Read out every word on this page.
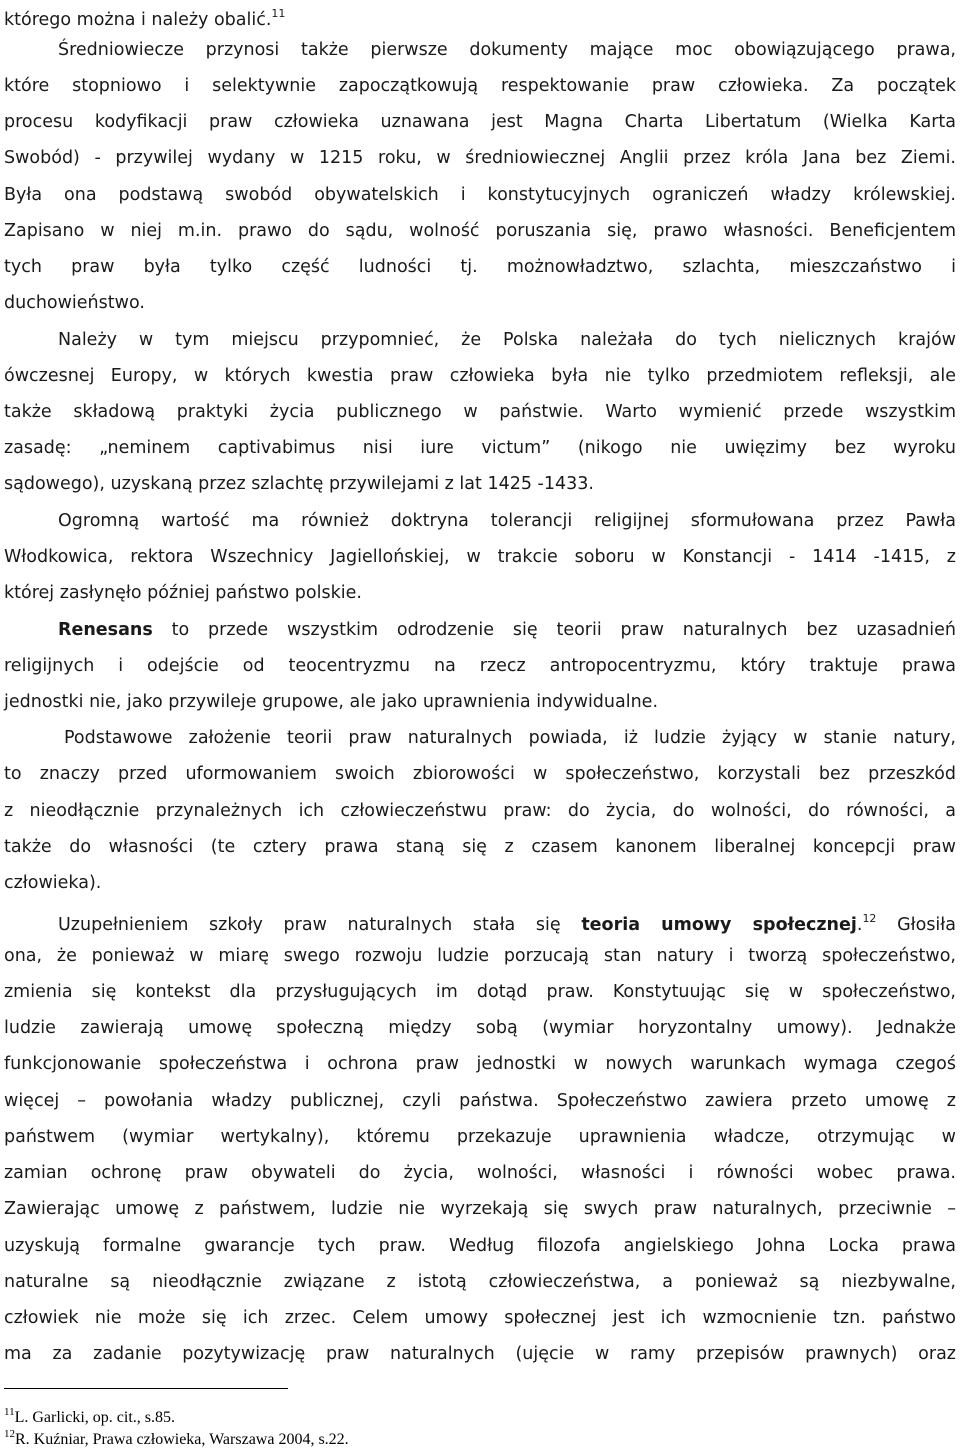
którego można i należy obalić.$^{11}$
Średniowiecze przynosi także pierwsze dokumenty mające moc obowiązującego prawa,
które stopniowo i selektywnie zapoczątkowują respektowanie praw człowieka. Za początek
procesu kodyfikacji praw człowieka uznawana jest Magna Charta Libertatum (Wielka Karta
Swobód) - przywilej wydany w 1215 roku, w średniowiecznej Anglii przez króla Jana bez Ziemi.
Była ona podstawą swobód obywatelskich i konstytucyjnych ograniczeń władzy królewskiej.
Zapisano w niej m.in. prawo do sądu, wolność poruszania się, prawo własności. Beneficjentem
tych praw była tylko część ludności tj. możnowładztwo, szlachta, mieszczaństwo i
duchowieństwo.
Należy w tym miejscu przypomnieć, że Polska należała do tych nielicznych krajów
ówczesnej Europy, w których kwestia praw człowieka była nie tylko przedmiotem refleksji, ale
także składową praktyki życia publicznego w państwie. Warto wymienić przede wszystkim
zasadę: „neminem captivabimus nisi iure victum” (nikogo nie uwięzimy bez wyroku
sądowego), uzyskaną przez szlachtę przywilejami z lat 1425 -1433.
Ogromną wartość ma również doktryna tolerancji religijnej sformułowana przez Pawła
Włodkowica, rektora Wszechnicy Jagiellońskiej, w trakcie soboru w Konstancji - 1414 -1415, z
której zasłynęło później państwo polskie.
Renesans to przede wszystkim odrodzenie się teorii praw naturalnych bez uzasadnień
religijnych i odejście od teocentryzmu na rzecz antropocentryzmu, który traktuje prawa
jednostki nie, jako przywileje grupowe, ale jako uprawnienia indywidualne.
Podstawowe założenie teorii praw naturalnych powiada, iż ludzie żyjący w stanie natury,
to znaczy przed uformowaniem swoich zbiorowości w społeczeństwo, korzystali bez przeszkód
z nieodłącznie przynależnych ich człowieczeństwu praw: do życia, do wolności, do równości, a
także do własności (te cztery prawa staną się z czasem kanonem liberalnej koncepcji praw
człowieka).
Uzupełnieniem szkoły praw naturalnych stała się teoria umowy społecznej.$^{12}$ Głosiła
ona, że ponieważ w miarę swego rozwoju ludzie porzucają stan natury i tworzą społeczeństwo,
zmienia się kontekst dla przysługujących im dotąd praw. Konstytuując się w społeczeństwo,
ludzie zawierają umowę społeczną między sobą (wymiar horyzontalny umowy). Jednakże
funkcjonowanie społeczeństwa i ochrona praw jednostki w nowych warunkach wymaga czegoś
więcej – powołania władzy publicznej, czyli państwa. Społeczeństwo zawiera przeto umowę z
państwem (wymiar wertykalny), któremu przekazuje uprawnienia władcze, otrzymując w
zamian ochronę praw obywateli do życia, wolności, własności i równości wobec prawa.
Zawierając umowę z państwem, ludzie nie wyrzekają się swych praw naturalnych, przeciwnie –
uzyskują formalne gwarancje tych praw. Według filozofa angielskiego Johna Locka prawa
naturalne są nieodłącznie związane z istotą człowieczeństwa, a ponieważ są niezbywalne,
człowiek nie może się ich zrzec. Celem umowy społecznej jest ich wzmocnienie tzn. państwo
ma za zadanie pozytywizację praw naturalnych (ujęcie w ramy przepisów prawnych) oraz
$^{11}$L. Garlicki, op. cit., s.85.
$^{12}$R. Kuźniar, Prawa człowieka, Warszawa 2004, s.22.
